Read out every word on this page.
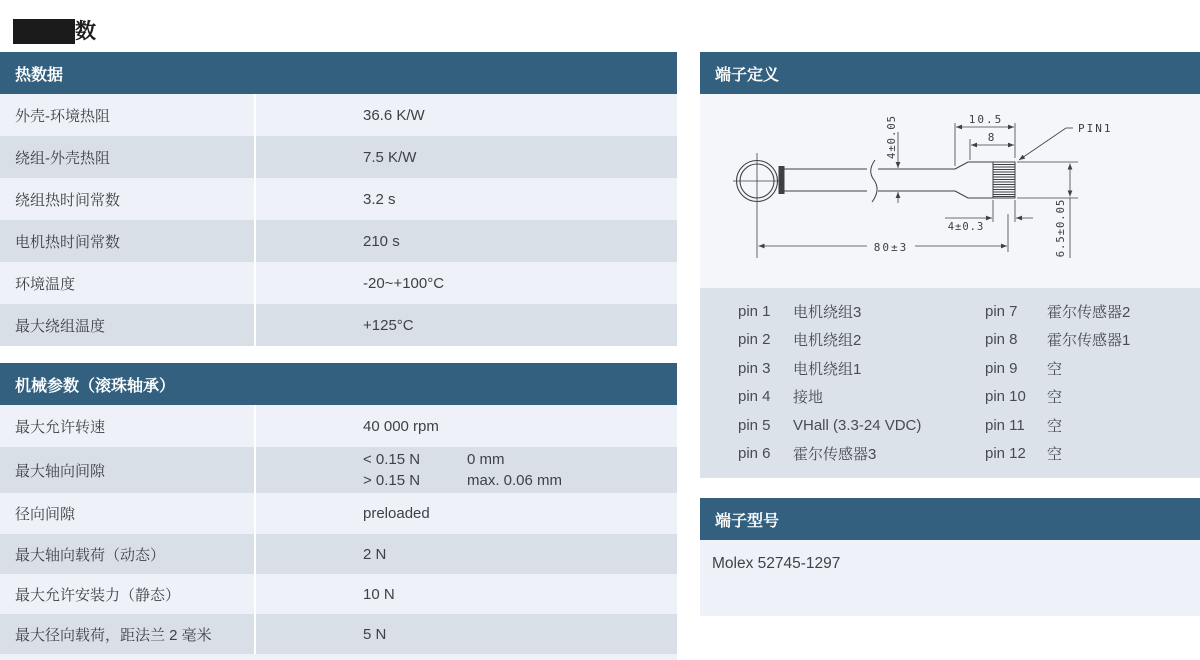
数
热数据
外壳-环境热阻	36.6 K/W
绕组-外壳热阻	7.5 K/W
绕组热时间常数	3.2 s
电机热时间常数	210 s
环境温度	-20~+100°C
最大绕组温度	+125°C
机械参数（滚珠轴承）
最大允许转速	40 000 rpm
最大轴向间隙
< 0.15 N	0 mm
> 0.15 N	max. 0.06 mm
径向间隙	preloaded
最大轴向载荷（动态）	2 N
最大允许安装力（静态）	10 N
最大径向载荷，距法兰 2 毫米	5 N
端子定义
10.5
8
PIN1
4±0.05
4±0.3	6.5±0.05
80±3
pin 1	电机绕组3	pin 7	霍尔传感器2
pin 2	电机绕组2	pin 8	霍尔传感器1
pin 3	电机绕组1	pin 9	空
pin 4	接地	pin 10	空
pin 5	VHall (3.3-24 VDC)	pin 11	空
pin 6	霍尔传感器3	pin 12	空
端子型号
Molex 52745-1297
